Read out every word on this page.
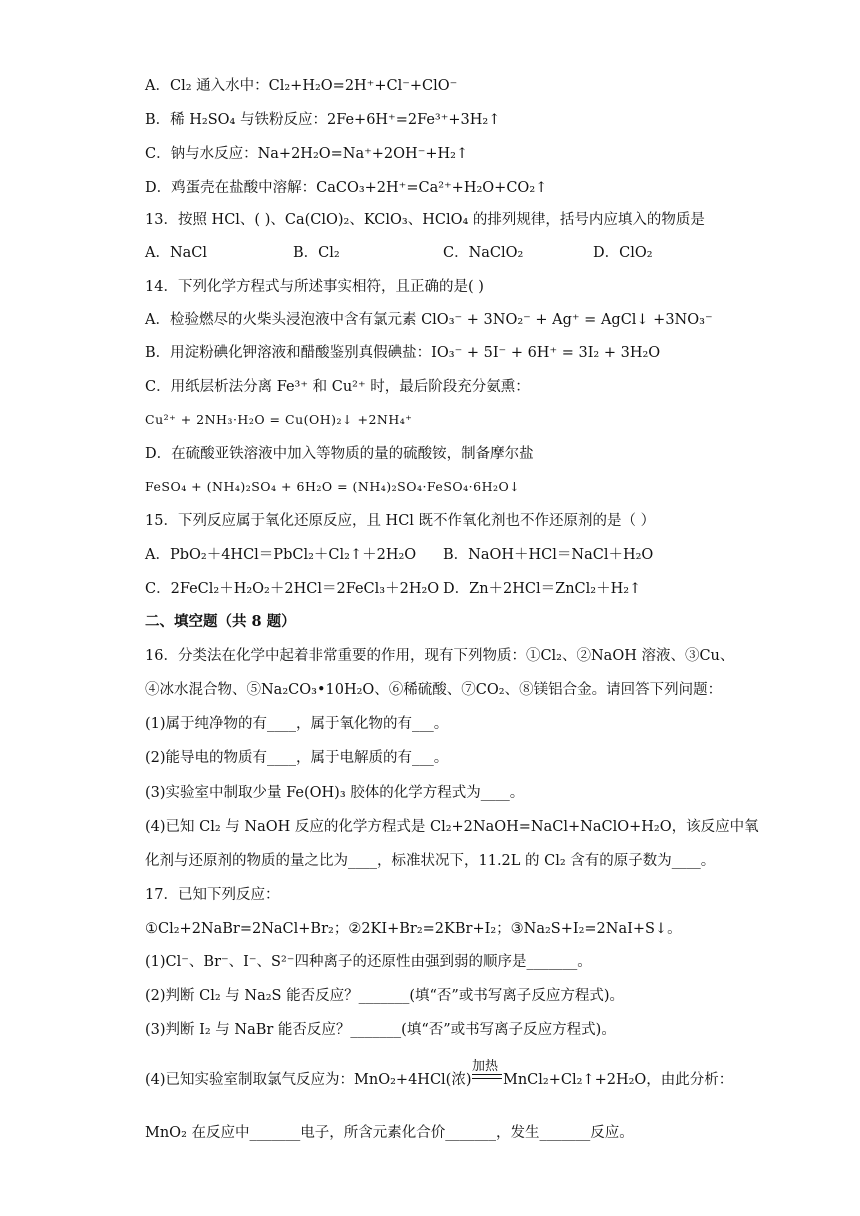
A．Cl₂ 通入水中：Cl₂+H₂O=2H⁺+Cl⁻+ClO⁻
B．稀 H₂SO₄ 与铁粉反应：2Fe+6H⁺=2Fe³⁺+3H₂↑
C．钠与水反应：Na+2H₂O=Na⁺+2OH⁻+H₂↑
D．鸡蛋壳在盐酸中溶解：CaCO₃+2H⁺=Ca²⁺+H₂O+CO₂↑
13．按照 HCl、( )、Ca(ClO)₂、KClO₃、HClO₄ 的排列规律，括号内应填入的物质是
A．NaCl	B．Cl₂	C．NaClO₂	D．ClO₂
14．下列化学方程式与所述事实相符，且正确的是( )
A．检验燃尽的火柴头浸泡液中含有氯元素 ClO₃⁻ + 3NO₂⁻ + Ag⁺ = AgCl↓ +3NO₃⁻
B．用淀粉碘化钾溶液和醋酸鉴别真假碘盐：IO₃⁻ + 5I⁻ + 6H⁺ = 3I₂ + 3H₂O
C．用纸层析法分离 Fe³⁺ 和 Cu²⁺ 时，最后阶段充分氨熏：
Cu²⁺ + 2NH₃·H₂O = Cu(OH)₂↓ +2NH₄⁺
D．在硫酸亚铁溶液中加入等物质的量的硫酸铵，制备摩尔盐
FeSO₄ + (NH₄)₂SO₄ + 6H₂O = (NH₄)₂SO₄·FeSO₄·6H₂O↓
15．下列反应属于氧化还原反应，且 HCl 既不作氧化剂也不作还原剂的是（ ）
A．PbO₂＋4HCl＝PbCl₂＋Cl₂↑＋2H₂O B．NaOH＋HCl＝NaCl＋H₂O
C．2FeCl₂＋H₂O₂＋2HCl＝2FeCl₃＋2H₂O D．Zn＋2HCl＝ZnCl₂＋H₂↑
二、填空题（共 8 题）
16．分类法在化学中起着非常重要的作用，现有下列物质：①Cl₂、②NaOH 溶液、③Cu、
④冰水混合物、⑤Na₂CO₃•10H₂O、⑥稀硫酸、⑦CO₂、⑧镁铝合金。请回答下列问题：
(1)属于纯净物的有____，属于氧化物的有___。
(2)能导电的物质有____，属于电解质的有___。
(3)实验室中制取少量 Fe(OH)₃ 胶体的化学方程式为____。
(4)已知 Cl₂ 与 NaOH 反应的化学方程式是 Cl₂+2NaOH=NaCl+NaClO+H₂O，该反应中氧
化剂与还原剂的物质的量之比为____，标准状况下，11.2L 的 Cl₂ 含有的原子数为____。
17．已知下列反应：
①Cl₂+2NaBr=2NaCl+Br₂；②2KI+Br₂=2KBr+I₂；③Na₂S+I₂=2NaI+S↓。
(1)Cl⁻、Br⁻、I⁻、S²⁻四种离子的还原性由强到弱的顺序是_______。
(2)判断 Cl₂ 与 Na₂S 能否反应？_______(填“否”或书写离子反应方程式)。
(3)判断 I₂ 与 NaBr 能否反应？_______(填“否”或书写离子反应方程式)。
(4)已知实验室制取氯气反应为：MnO₂+4HCl(浓)
加热
MnCl₂+Cl₂↑+2H₂O，由此分析：
MnO₂ 在反应中_______电子，所含元素化合价_______，发生_______反应。
